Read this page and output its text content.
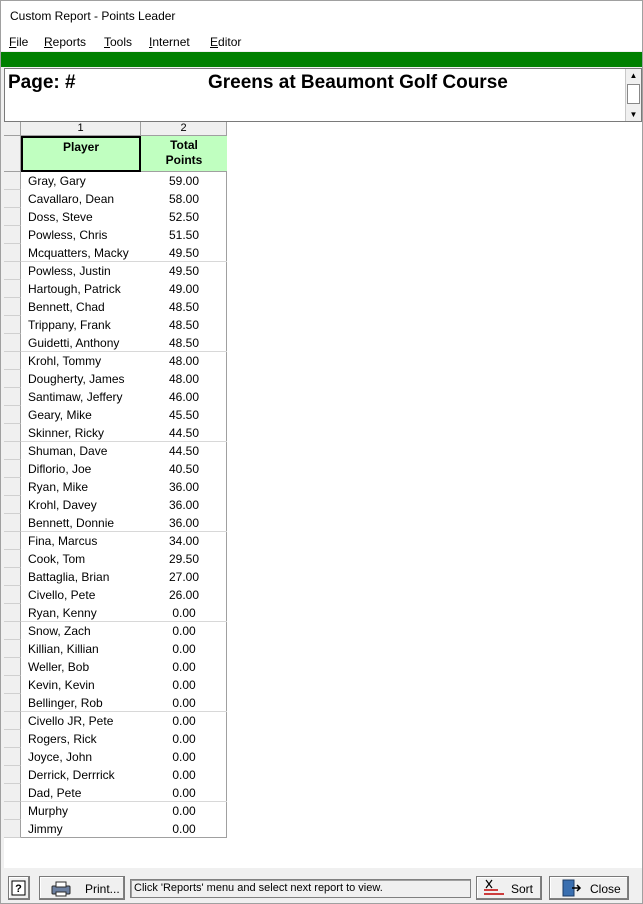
Custom Report - Points Leader
File Reports Tools Internet Editor
Page: #	Greens at Beaumont Golf Course	▲
▼
1	2
Player	Total
Points
Gray, Gary	59.00
Cavallaro, Dean	58.00
Doss, Steve	52.50
Powless, Chris	51.50
Mcquatters, Macky	49.50
Powless, Justin	49.50
Hartough, Patrick	49.00
Bennett, Chad	48.50
Trippany, Frank	48.50
Guidetti, Anthony	48.50
Krohl, Tommy	48.00
Dougherty, James	48.00
Santimaw, Jeffery	46.00
Geary, Mike	45.50
Skinner, Ricky	44.50
Shuman, Dave	44.50
Diflorio, Joe	40.50
Ryan, Mike	36.00
Krohl, Davey	36.00
Bennett, Donnie	36.00
Fina, Marcus	34.00
Cook, Tom	29.50
Battaglia, Brian	27.00
Civello, Pete	26.00
Ryan, Kenny	0.00
Snow, Zach	0.00
Killian, Killian	0.00
Weller, Bob	0.00
Kevin, Kevin	0.00
Bellinger, Rob	0.00
Civello JR, Pete	0.00
Rogers, Rick	0.00
Joyce, John	0.00
Derrick, Derrrick	0.00
Dad, Pete	0.00
Murphy	0.00
Jimmy	0.00
?	Print...	Click 'Reports' menu and select next report to view.	Sort	Close
